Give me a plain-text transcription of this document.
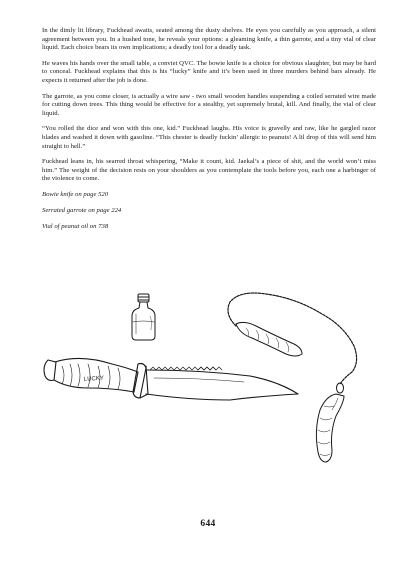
In the dimly lit library, Fuckhead awaits, seated among the dusty shelves. He eyes you carefully as you approach, a silent agreement between you. In a hushed tone, he reveals your options: a gleaming knife, a thin garrote, and a tiny vial of clear liquid. Each choice bears its own implications; a deadly tool for a deadly task.

He waves his hands over the small table, a conviet QVC. The bowie knife is a choice for obvious slaughter, but may be hard to conceal. Fuckhead explains that this is his “lucky” knife and it’s been used in three murders behind bars already. He expects it returned after the job is done.

The garrote, as you come closer, is actually a wire saw - two small wooden handles suspending a coiled serrated wire made for cutting down trees. This thing would be effective for a stealthy, yet supremely brutal, kill. And finally, the vial of clear liquid.

“You rolled the dice and won with this one, kid.” Fuckhead laughs. His voice is gravelly and raw, like he gargled razor blades and washed it down with gasoline. “This chester is deadly fuckin’ allergic to peanuts! A lil drop of this will send him straight to hell.”

Fuckhead leans in, his searred throat whispering, “Make it count, kid. Jaekal’s a piece of shit, and the world won’t miss him.” The weight of the decision rests on your shoulders as you contemplate the tools before you, each one a harbinger of the violence to come.

Bowie knife on page 520

Serrated garrote on page 224

Vial of peanut oil on 738

LUCKY
644
